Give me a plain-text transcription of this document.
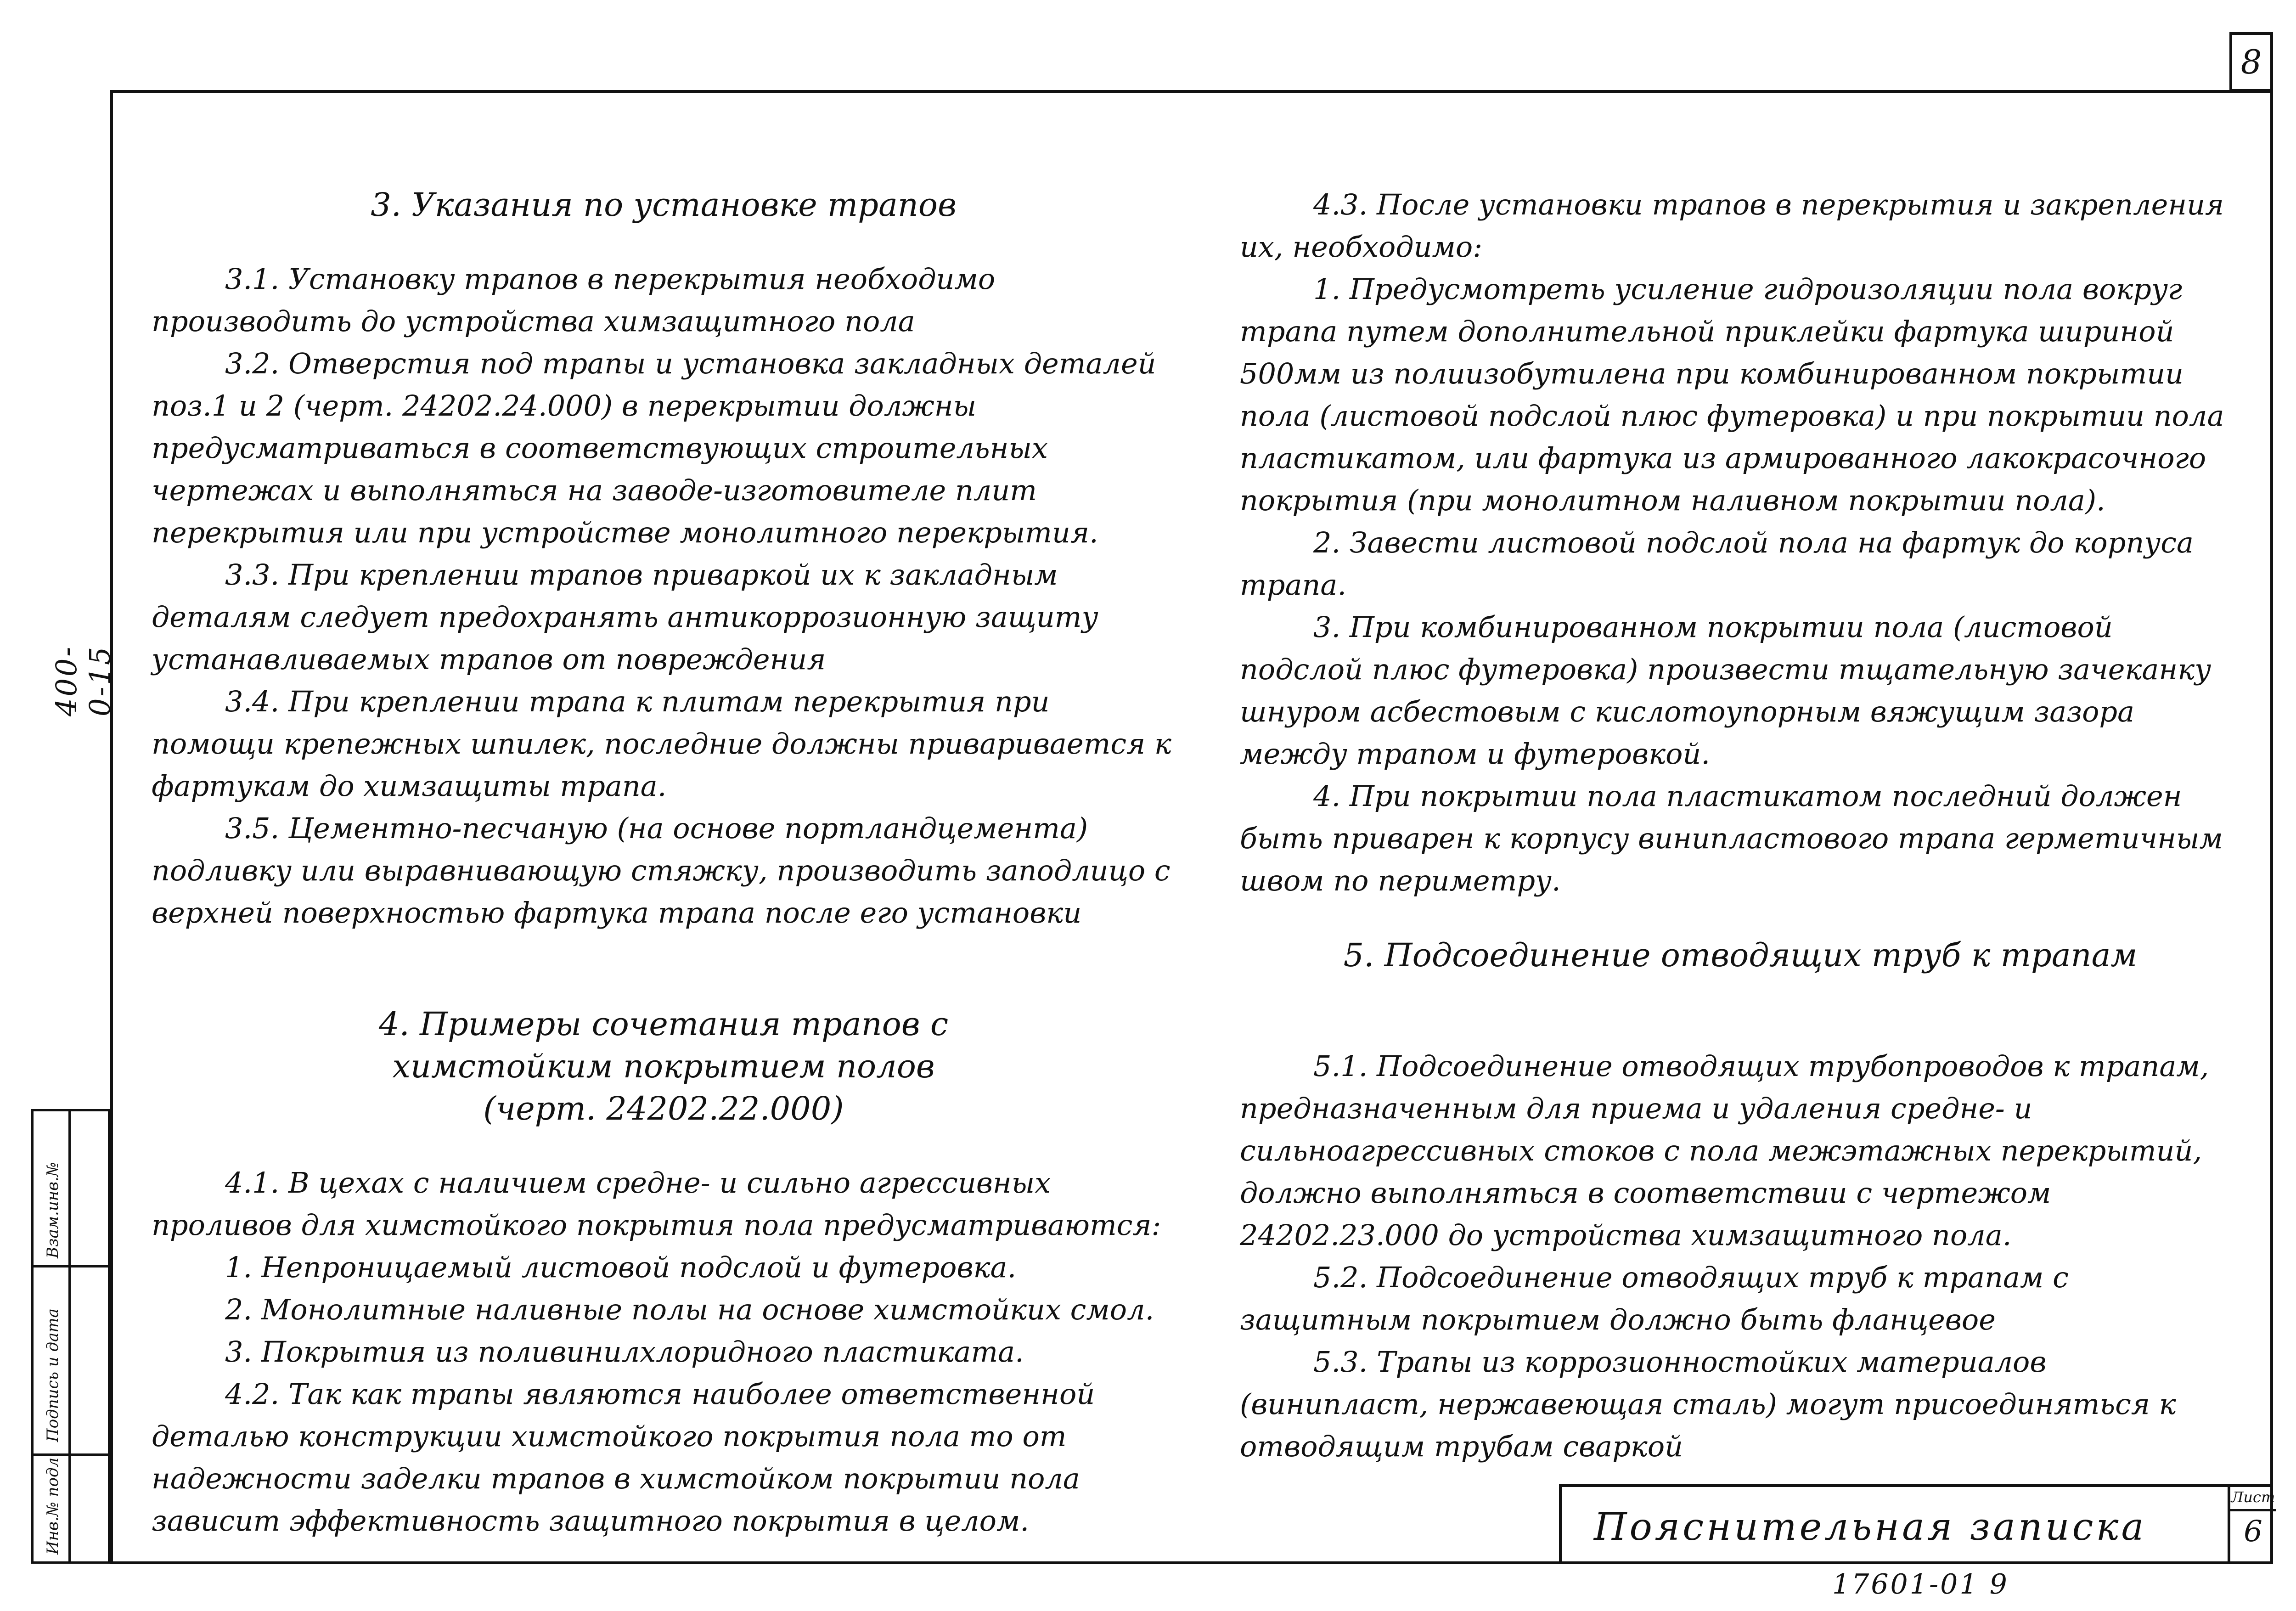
8
400-0-15
Инв.№ подл.
Подпись и дата
Взам.инв.№

3. Указания по установке трапов

3.1. Установку трапов в перекрытия необходимо производить до устройства химзащитного пола

3.2. Отверстия под трапы и установка закладных деталей поз.1 и 2 (черт. 24202.24.000) в перекрытии должны предусматриваться в соответствующих строительных чертежах и выполняться на заводе-изготовителе плит перекрытия или при устройстве монолитного перекрытия.

3.3. При креплении трапов приваркой их к закладным деталям следует предохранять антикоррозионную защиту устанавливаемых трапов от повреждения

3.4. При креплении трапа к плитам перекрытия при помощи крепежных шпилек, последние должны приваривается к фартукам до химзащиты трапа.

3.5. Цементно-песчаную (на основе портландцемента) подливку или выравнивающую стяжку, производить заподлицо с верхней поверхностью фартука трапа после его установки

4. Примеры сочетания трапов с

химстойким покрытием полов

(черт. 24202.22.000)

4.1. В цехах с наличием средне- и сильно агрессивных проливов для химстойкого покрытия пола предусматриваются:

1. Непроницаемый листовой подслой и футеровка.

2. Монолитные наливные полы на основе химстойких смол.

3. Покрытия из поливинилхлоридного пластиката.

4.2. Так как трапы являются наиболее ответственной деталью конструкции химстойкого покрытия пола то от надежности заделки трапов в химстойком покрытии пола зависит эффективность защитного покрытия в целом.

4.3. После установки трапов в перекрытия и закрепления их, необходимо:

1. Предусмотреть усиление гидроизоляции пола вокруг трапа путем дополнительной приклейки фартука шириной 500мм из полиизобутилена при комбинированном покрытии пола (листовой подслой плюс футеровка) и при покрытии пола пластикатом, или фартука из армированного лакокрасочного покрытия (при монолитном наливном покрытии пола).

2. Завести листовой подслой пола на фартук до корпуса трапа.

3. При комбинированном покрытии пола (листовой подслой плюс футеровка) произвести тщательную зачеканку шнуром асбестовым с кислотоупорным вяжущим зазора между трапом и футеровкой.

4. При покрытии пола пластикатом последний должен быть приварен к корпусу винипластового трапа герметичным швом по периметру.

5. Подсоединение отводящих труб к трапам

5.1. Подсоединение отводящих трубопроводов к трапам, предназначенным для приема и удаления средне- и сильноагрессивных стоков с пола межэтажных перекрытий, должно выполняться в соответствии с чертежом 24202.23.000 до устройства химзащитного пола.

5.2. Подсоединение отводящих труб к трапам с защитным покрытием должно быть фланцевое

5.3. Трапы из коррозионностойких материалов (винипласт, нержавеющая сталь) могут присоединяться к отводящим трубам сваркой

Пояснительная записка
Лист
6
17601-01 9
